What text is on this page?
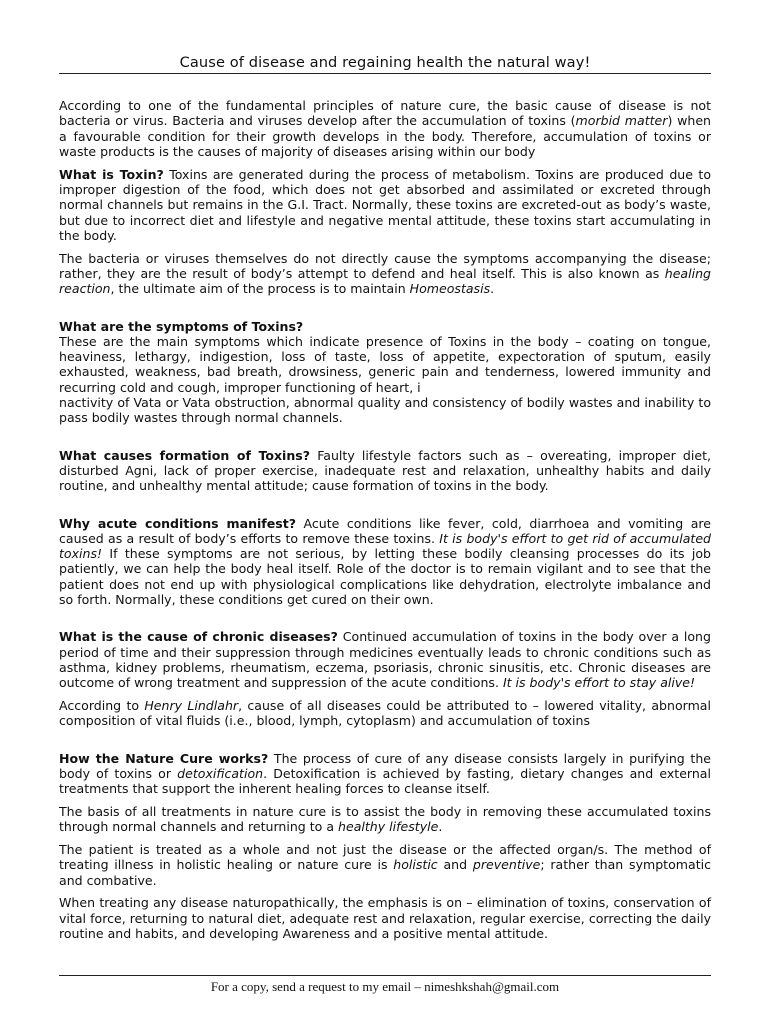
Cause of disease and regaining health the natural way!

According to one of the fundamental principles of nature cure, the basic cause of disease is not bacteria or virus. Bacteria and viruses develop after the accumulation of toxins (morbid matter) when a favourable condition for their growth develops in the body. Therefore, accumulation of toxins or waste products is the causes of majority of diseases arising within our body

What is Toxin? Toxins are generated during the process of metabolism. Toxins are produced due to improper digestion of the food, which does not get absorbed and assimilated or excreted through normal channels but remains in the G.I. Tract. Normally, these toxins are excreted-out as body’s waste, but due to incorrect diet and lifestyle and negative mental attitude, these toxins start accumulating in the body.

The bacteria or viruses themselves do not directly cause the symptoms accompanying the disease; rather, they are the result of body’s attempt to defend and heal itself. This is also known as healing reaction, the ultimate aim of the process is to maintain Homeostasis.

What are the symptoms of Toxins?

These are the main symptoms which indicate presence of Toxins in the body – coating on tongue, heaviness, lethargy, indigestion, loss of taste, loss of appetite, expectoration of sputum, easily exhausted, weakness, bad breath, drowsiness, generic pain and tenderness, lowered immunity and recurring cold and cough, improper functioning of heart, i

nactivity of Vata or Vata obstruction, abnormal quality and consistency of bodily wastes and inability to pass bodily wastes through normal channels.

What causes formation of Toxins? Faulty lifestyle factors such as – overeating, improper diet, disturbed Agni, lack of proper exercise, inadequate rest and relaxation, unhealthy habits and daily routine, and unhealthy mental attitude; cause formation of toxins in the body.

Why acute conditions manifest? Acute conditions like fever, cold, diarrhoea and vomiting are caused as a result of body’s efforts to remove these toxins. It is body's effort to get rid of accumulated toxins! If these symptoms are not serious, by letting these bodily cleansing processes do its job patiently, we can help the body heal itself. Role of the doctor is to remain vigilant and to see that the patient does not end up with physiological complications like dehydration, electrolyte imbalance and so forth. Normally, these conditions get cured on their own.

What is the cause of chronic diseases? Continued accumulation of toxins in the body over a long period of time and their suppression through medicines eventually leads to chronic conditions such as asthma, kidney problems, rheumatism, eczema, psoriasis, chronic sinusitis, etc. Chronic diseases are outcome of wrong treatment and suppression of the acute conditions. It is body's effort to stay alive!

According to Henry Lindlahr, cause of all diseases could be attributed to – lowered vitality, abnormal composition of vital fluids (i.e., blood, lymph, cytoplasm) and accumulation of toxins

How the Nature Cure works? The process of cure of any disease consists largely in purifying the body of toxins or detoxification. Detoxification is achieved by fasting, dietary changes and external treatments that support the inherent healing forces to cleanse itself.

The basis of all treatments in nature cure is to assist the body in removing these accumulated toxins through normal channels and returning to a healthy lifestyle.

The patient is treated as a whole and not just the disease or the affected organ/s. The method of treating illness in holistic healing or nature cure is holistic and preventive; rather than symptomatic and combative.

When treating any disease naturopathically, the emphasis is on – elimination of toxins, conservation of vital force, returning to natural diet, adequate rest and relaxation, regular exercise, correcting the daily routine and habits, and developing Awareness and a positive mental attitude.

For a copy, send a request to my email – nimeshkshah@gmail.com
